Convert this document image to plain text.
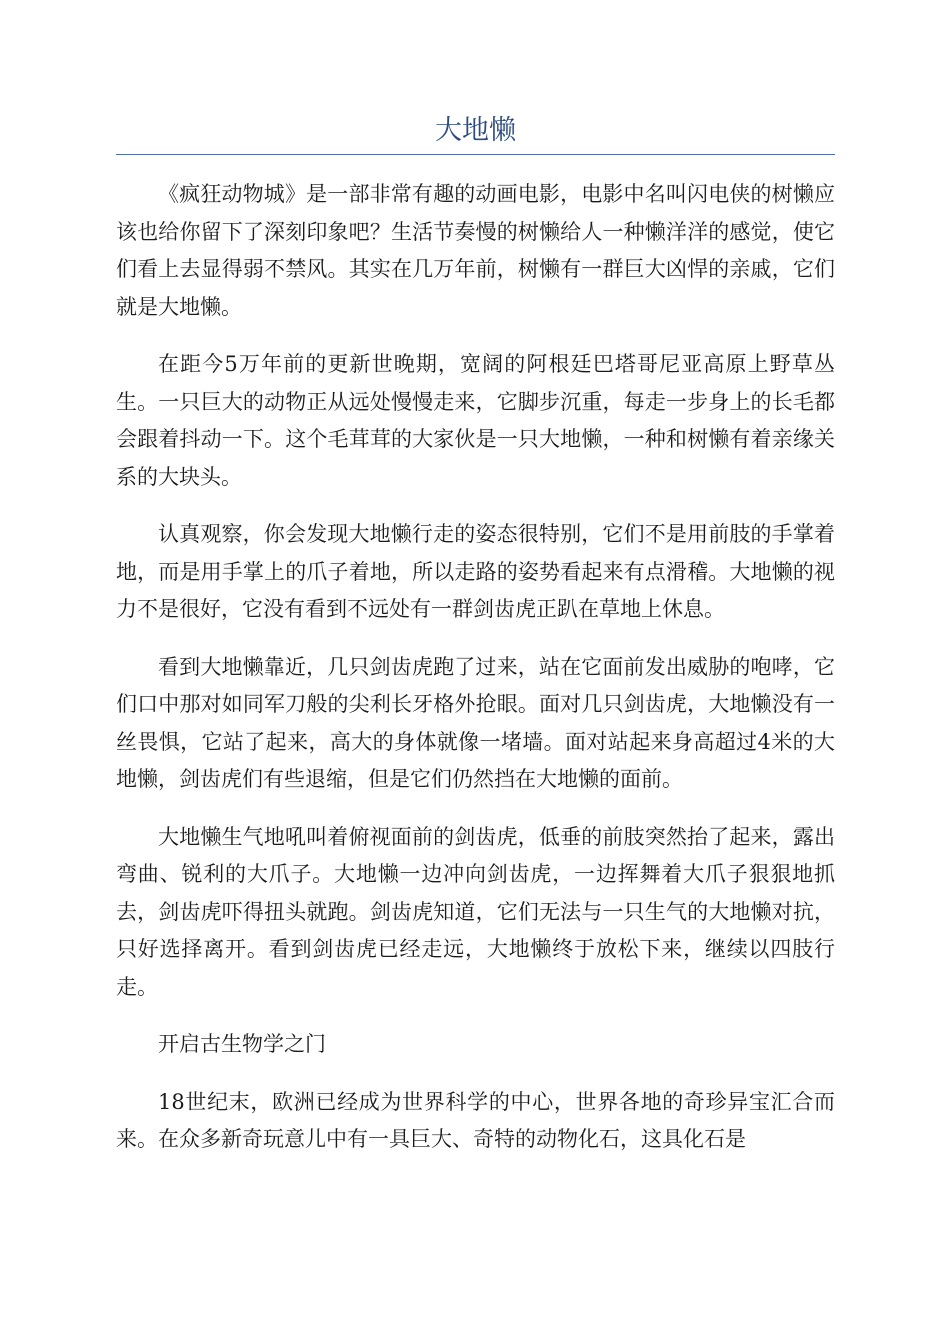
大地懒

《疯狂动物城》是一部非常有趣的动画电影，电影中名叫闪电侠的树懒应该也给你留下了深刻印象吧？生活节奏慢的树懒给人一种懒洋洋的感觉，使它们看上去显得弱不禁风。其实在几万年前，树懒有一群巨大凶悍的亲戚，它们就是大地懒。

在距今5万年前的更新世晚期，宽阔的阿根廷巴塔哥尼亚高原上野草丛生。一只巨大的动物正从远处慢慢走来，它脚步沉重，每走一步身上的长毛都会跟着抖动一下。这个毛茸茸的大家伙是一只大地懒，一种和树懒有着亲缘关系的大块头。

认真观察，你会发现大地懒行走的姿态很特别，它们不是用前肢的手掌着地，而是用手掌上的爪子着地，所以走路的姿势看起来有点滑稽。大地懒的视力不是很好，它没有看到不远处有一群剑齿虎正趴在草地上休息。

看到大地懒靠近，几只剑齿虎跑了过来，站在它面前发出威胁的咆哮，它们口中那对如同军刀般的尖利长牙格外抢眼。面对几只剑齿虎，大地懒没有一丝畏惧，它站了起来，高大的身体就像一堵墙。面对站起来身高超过4米的大地懒，剑齿虎们有些退缩，但是它们仍然挡在大地懒的面前。

大地懒生气地吼叫着俯视面前的剑齿虎，低垂的前肢突然抬了起来，露出弯曲、锐利的大爪子。大地懒一边冲向剑齿虎，一边挥舞着大爪子狠狠地抓去，剑齿虎吓得扭头就跑。剑齿虎知道，它们无法与一只生气的大地懒对抗，只好选择离开。看到剑齿虎已经走远，大地懒终于放松下来，继续以四肢行走。

开启古生物学之门

18世纪末，欧洲已经成为世界科学的中心，世界各地的奇珍异宝汇合而来。在众多新奇玩意儿中有一具巨大、奇特的动物化石，这具化石是
